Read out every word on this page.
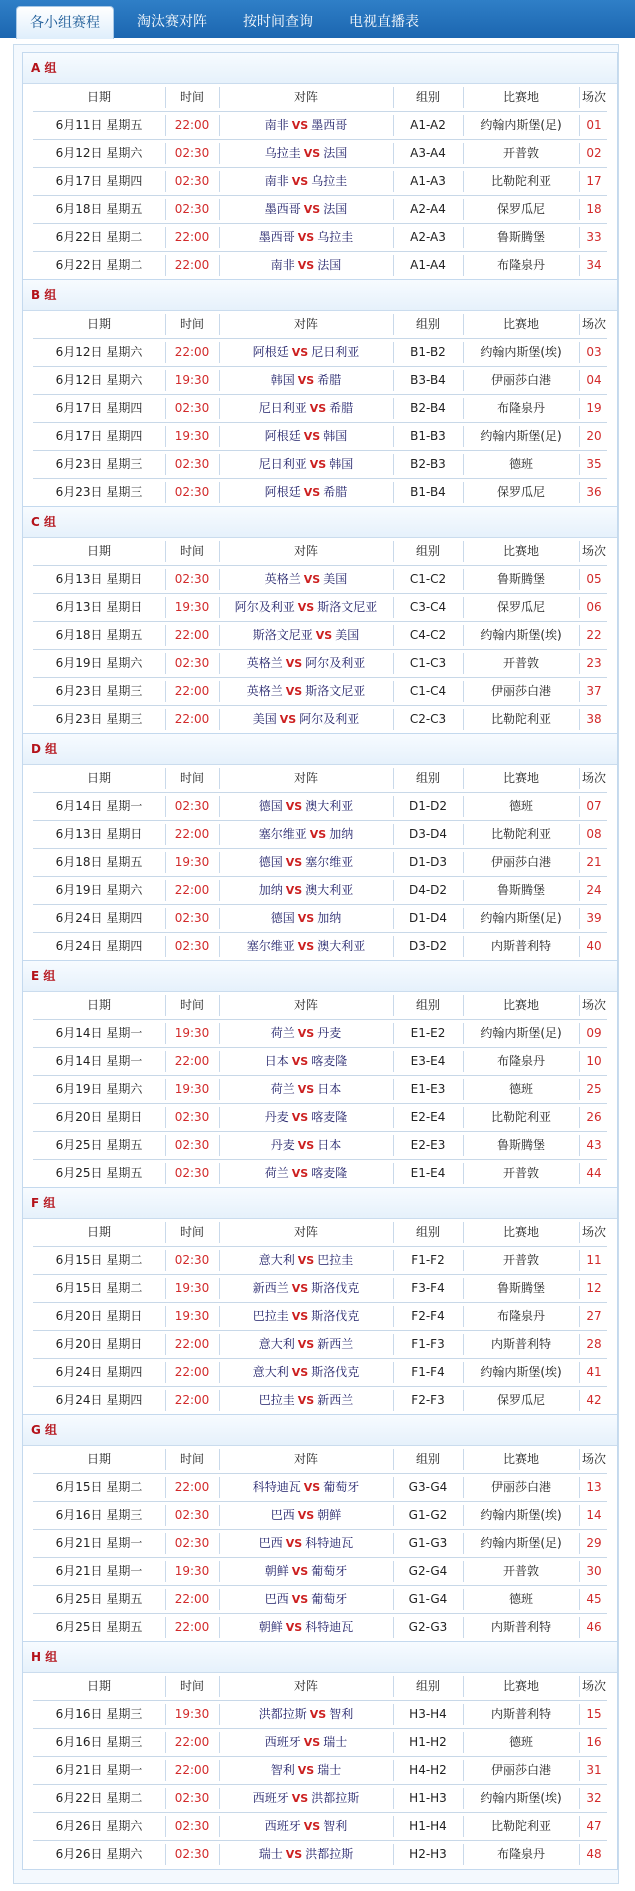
各小组赛程	淘汰赛对阵	按时间查询	电视直播表
A 组
日期	时间	对阵	组别	比赛地	场次
6月11日 星期五	22:00	南非 VS 墨西哥	A1-A2	约翰内斯堡(足)	01
6月12日 星期六	02:30	乌拉圭 VS 法国	A3-A4	开普敦	02
6月17日 星期四	02:30	南非 VS 乌拉圭	A1-A3	比勒陀利亚	17
6月18日 星期五	02:30	墨西哥 VS 法国	A2-A4	保罗瓜尼	18
6月22日 星期二	22:00	墨西哥 VS 乌拉圭	A2-A3	鲁斯腾堡	33
6月22日 星期二	22:00	南非 VS 法国	A1-A4	布隆泉丹	34
B 组
日期	时间	对阵	组别	比赛地	场次
6月12日 星期六	22:00	阿根廷 VS 尼日利亚	B1-B2	约翰内斯堡(埃)	03
6月12日 星期六	19:30	韩国 VS 希腊	B3-B4	伊丽莎白港	04
6月17日 星期四	02:30	尼日利亚 VS 希腊	B2-B4	布隆泉丹	19
6月17日 星期四	19:30	阿根廷 VS 韩国	B1-B3	约翰内斯堡(足)	20
6月23日 星期三	02:30	尼日利亚 VS 韩国	B2-B3	德班	35
6月23日 星期三	02:30	阿根廷 VS 希腊	B1-B4	保罗瓜尼	36
C 组
日期	时间	对阵	组别	比赛地	场次
6月13日 星期日	02:30	英格兰 VS 美国	C1-C2	鲁斯腾堡	05
6月13日 星期日	19:30	阿尔及利亚 VS 斯洛文尼亚	C3-C4	保罗瓜尼	06
6月18日 星期五	22:00	斯洛文尼亚 VS 美国	C4-C2	约翰内斯堡(埃)	22
6月19日 星期六	02:30	英格兰 VS 阿尔及利亚	C1-C3	开普敦	23
6月23日 星期三	22:00	英格兰 VS 斯洛文尼亚	C1-C4	伊丽莎白港	37
6月23日 星期三	22:00	美国 VS 阿尔及利亚	C2-C3	比勒陀利亚	38
D 组
日期	时间	对阵	组别	比赛地	场次
6月14日 星期一	02:30	德国 VS 澳大利亚	D1-D2	德班	07
6月13日 星期日	22:00	塞尔维亚 VS 加纳	D3-D4	比勒陀利亚	08
6月18日 星期五	19:30	德国 VS 塞尔维亚	D1-D3	伊丽莎白港	21
6月19日 星期六	22:00	加纳 VS 澳大利亚	D4-D2	鲁斯腾堡	24
6月24日 星期四	02:30	德国 VS 加纳	D1-D4	约翰内斯堡(足)	39
6月24日 星期四	02:30	塞尔维亚 VS 澳大利亚	D3-D2	内斯普利特	40
E 组
日期	时间	对阵	组别	比赛地	场次
6月14日 星期一	19:30	荷兰 VS 丹麦	E1-E2	约翰内斯堡(足)	09
6月14日 星期一	22:00	日本 VS 喀麦隆	E3-E4	布隆泉丹	10
6月19日 星期六	19:30	荷兰 VS 日本	E1-E3	德班	25
6月20日 星期日	02:30	丹麦 VS 喀麦隆	E2-E4	比勒陀利亚	26
6月25日 星期五	02:30	丹麦 VS 日本	E2-E3	鲁斯腾堡	43
6月25日 星期五	02:30	荷兰 VS 喀麦隆	E1-E4	开普敦	44
F 组
日期	时间	对阵	组别	比赛地	场次
6月15日 星期二	02:30	意大利 VS 巴拉圭	F1-F2	开普敦	11
6月15日 星期二	19:30	新西兰 VS 斯洛伐克	F3-F4	鲁斯腾堡	12
6月20日 星期日	19:30	巴拉圭 VS 斯洛伐克	F2-F4	布隆泉丹	27
6月20日 星期日	22:00	意大利 VS 新西兰	F1-F3	内斯普利特	28
6月24日 星期四	22:00	意大利 VS 斯洛伐克	F1-F4	约翰内斯堡(埃)	41
6月24日 星期四	22:00	巴拉圭 VS 新西兰	F2-F3	保罗瓜尼	42
G 组
日期	时间	对阵	组别	比赛地	场次
6月15日 星期二	22:00	科特迪瓦 VS 葡萄牙	G3-G4	伊丽莎白港	13
6月16日 星期三	02:30	巴西 VS 朝鲜	G1-G2	约翰内斯堡(埃)	14
6月21日 星期一	02:30	巴西 VS 科特迪瓦	G1-G3	约翰内斯堡(足)	29
6月21日 星期一	19:30	朝鲜 VS 葡萄牙	G2-G4	开普敦	30
6月25日 星期五	22:00	巴西 VS 葡萄牙	G1-G4	德班	45
6月25日 星期五	22:00	朝鲜 VS 科特迪瓦	G2-G3	内斯普利特	46
H 组
日期	时间	对阵	组别	比赛地	场次
6月16日 星期三	19:30	洪都拉斯 VS 智利	H3-H4	内斯普利特	15
6月16日 星期三	22:00	西班牙 VS 瑞士	H1-H2	德班	16
6月21日 星期一	22:00	智利 VS 瑞士	H4-H2	伊丽莎白港	31
6月22日 星期二	02:30	西班牙 VS 洪都拉斯	H1-H3	约翰内斯堡(埃)	32
6月26日 星期六	02:30	西班牙 VS 智利	H1-H4	比勒陀利亚	47
6月26日 星期六	02:30	瑞士 VS 洪都拉斯	H2-H3	布隆泉丹	48
